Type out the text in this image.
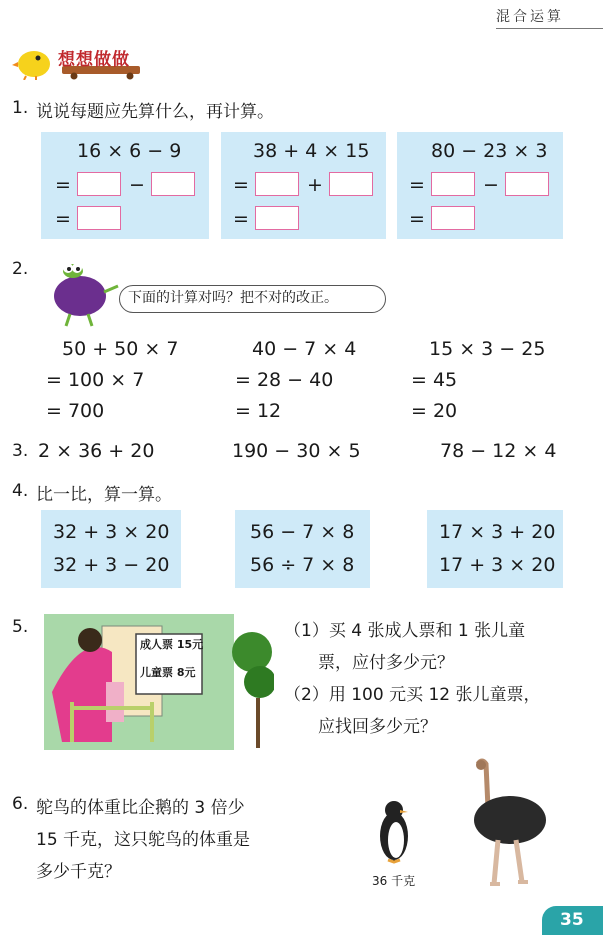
混合运算
想想做做
1. 说说每题应先算什么，再计算。
16 × 6 − 9
=	−
=
38 + 4 × 15
=	+
=
80 − 23 × 3
=	−
=
2.
下面的计算对吗？把不对的改正。
50 + 50 × 7
= 100 × 7
= 700
40 − 7 × 4
= 28 − 40
= 12
15 × 3 − 25
= 45
= 20
3. 2 × 36 + 20	190 − 30 × 5	78 − 12 × 4
4. 比一比，算一算。
32 + 3 × 20
32 + 3 − 20
56 − 7 × 8
56 ÷ 7 × 8
17 × 3 + 20
17 + 3 × 20
5.
成人票 15元
儿童票 8元
（1）买 4 张成人票和 1 张儿童
票，应付多少元？
（2）用 100 元买 12 张儿童票，
应找回多少元？
6. 鸵鸟的体重比企鹅的 3 倍少
15 千克，这只鸵鸟的体重是
多少千克？	36 千克
35
